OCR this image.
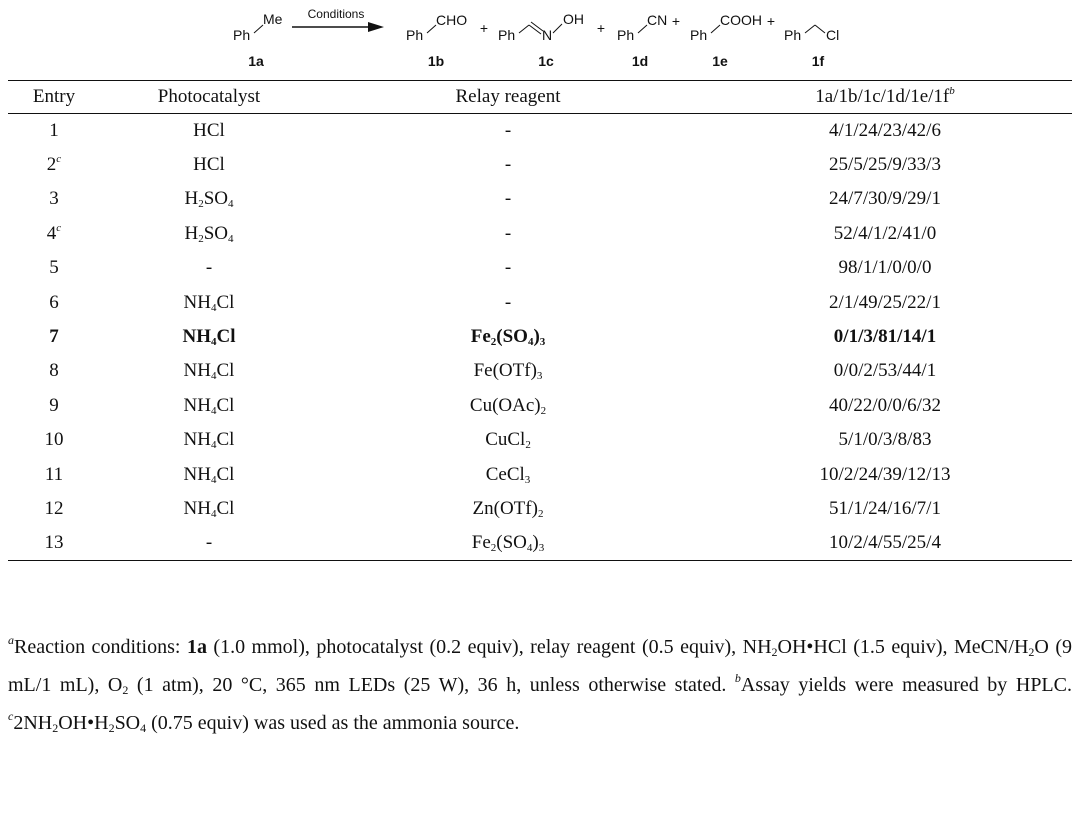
Ph
Me
1a
Conditions
Ph
CHO
1b
+ Ph N
OH
1c
+ Ph
CN
1d
+
Ph
COOH
1e
+
Ph Cl
1f
Entry	Photocatalyst	Relay reagent	$1a/1b/1c/1d/1e/1f^b$
1	HCl	-	4/1/24/23/42/6
2$^c$	HCl	-	25/5/25/9/33/3
3	$H_2SO_4$	-	24/7/30/9/29/1
4$^c$	$H_2SO_4$	-	52/4/1/2/41/0
5	-	-	98/1/1/0/0/0
6	$NH_4Cl$	-	2/1/49/25/22/1
7	$NH_4Cl$	$Fe_2(SO_4)_3$	0/1/3/81/14/1
8	$NH_4Cl$	$Fe(OTf)_3$	0/0/2/53/44/1
9	$NH_4Cl$	$Cu(OAc)_2$	40/22/0/0/6/32
10	$NH_4Cl$	CuCl$_2$	5/1/0/3/8/83
11	$NH_4Cl$	CeCl$_3$	10/2/24/39/12/13
12	$NH_4Cl$	$Zn(OTf)_2$	51/1/24/16/7/1
13	-	$Fe_2(SO_4)_3$	10/2/4/55/25/4

$^a$Reaction conditions: 1a (1.0 mmol), photocatalyst (0.2 equiv), relay reagent (0.5 equiv), $NH_2OH•HCl$ (1.5 equiv), MeCN/$H_2O$ (9 mL/1 mL), $O_2$ (1 atm), 20 °C, 365 nm LEDs (25 W), 36 h, unless otherwise stated. $^b$Assay yields were measured by HPLC. $^c2NH_2OH•H_2SO_4$ (0.75 equiv) was used as the ammonia source.
